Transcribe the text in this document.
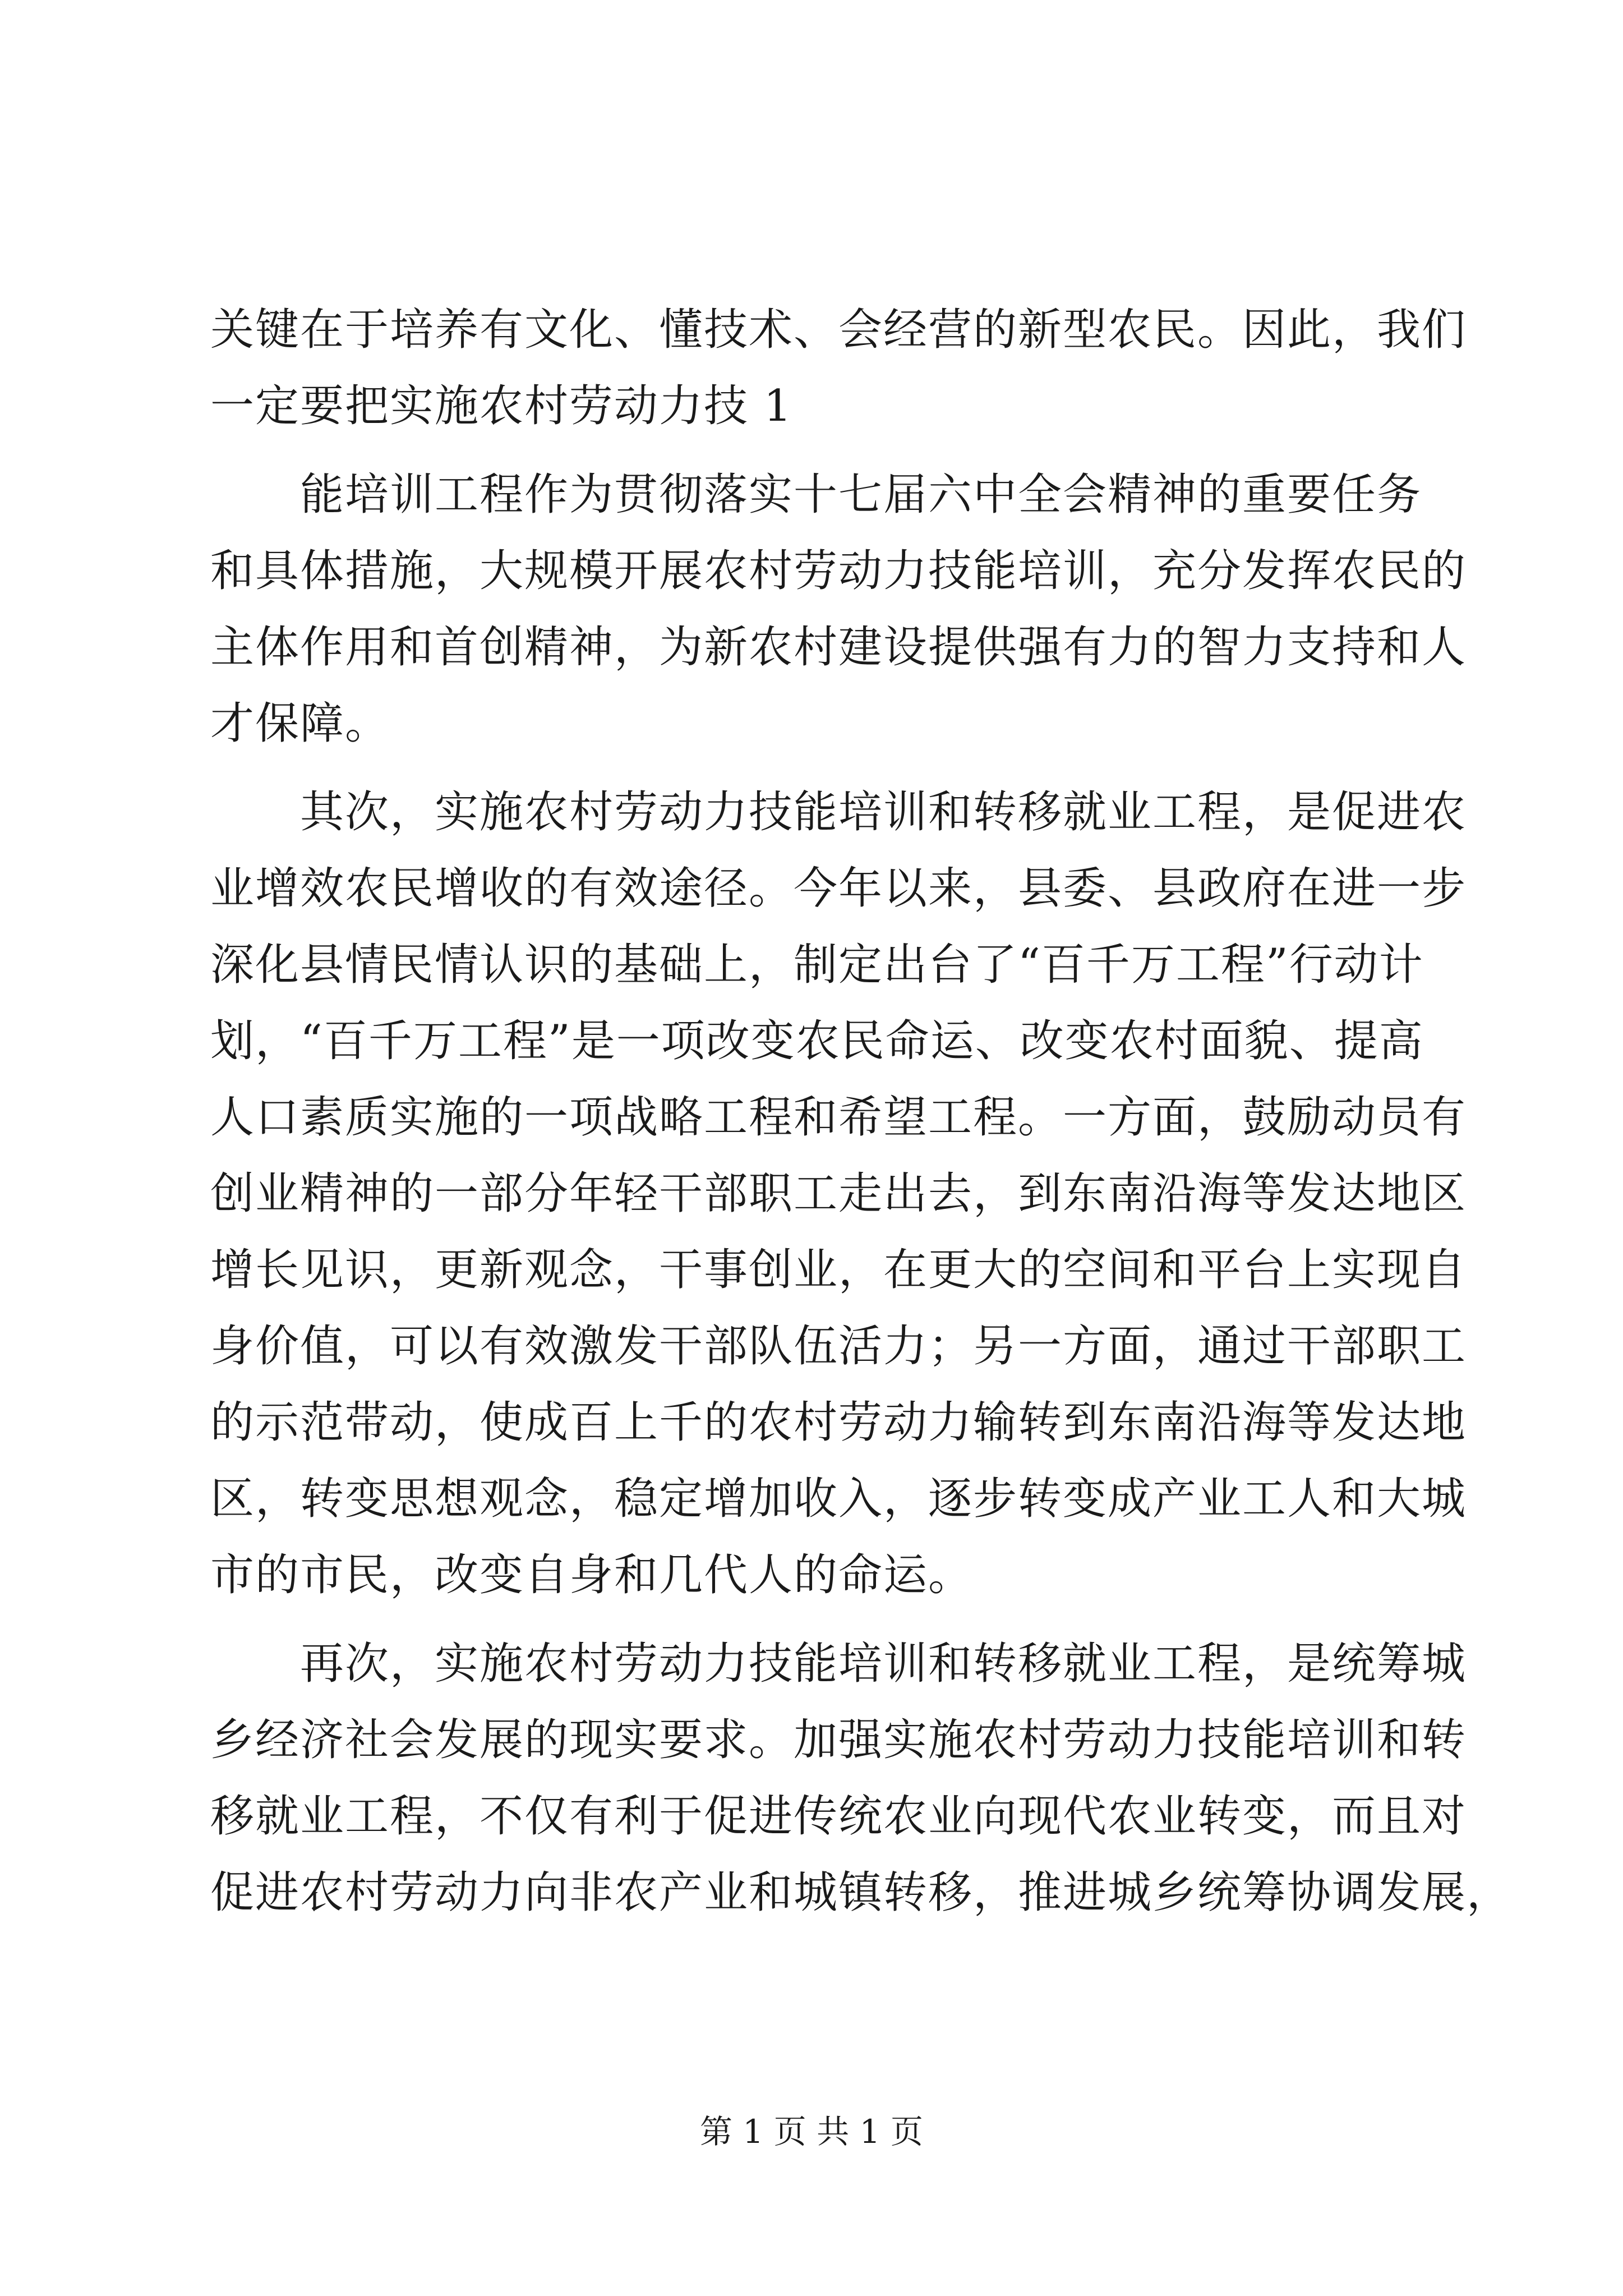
关键在于培养有文化、懂技术、会经营的新型农民。因此，我们
一定要把实施农村劳动力技 1
能培训工程作为贯彻落实十七届六中全会精神的重要任务
和具体措施，大规模开展农村劳动力技能培训，充分发挥农民的
主体作用和首创精神，为新农村建设提供强有力的智力支持和人
才保障。
其次，实施农村劳动力技能培训和转移就业工程，是促进农
业增效农民增收的有效途径。今年以来，县委、县政府在进一步
深化县情民情认识的基础上，制定出台了“百千万工程”行动计
划，“百千万工程”是一项改变农民命运、改变农村面貌、提高
人口素质实施的一项战略工程和希望工程。一方面，鼓励动员有
创业精神的一部分年轻干部职工走出去，到东南沿海等发达地区
增长见识，更新观念，干事创业，在更大的空间和平台上实现自
身价值，可以有效激发干部队伍活力；另一方面，通过干部职工
的示范带动，使成百上千的农村劳动力输转到东南沿海等发达地
区，转变思想观念，稳定增加收入，逐步转变成产业工人和大城
市的市民，改变自身和几代人的命运。
再次，实施农村劳动力技能培训和转移就业工程，是统筹城
乡经济社会发展的现实要求。加强实施农村劳动力技能培训和转
移就业工程，不仅有利于促进传统农业向现代农业转变，而且对
促进农村劳动力向非农产业和城镇转移，推进城乡统筹协调发展，
第 1 页 共 1 页
